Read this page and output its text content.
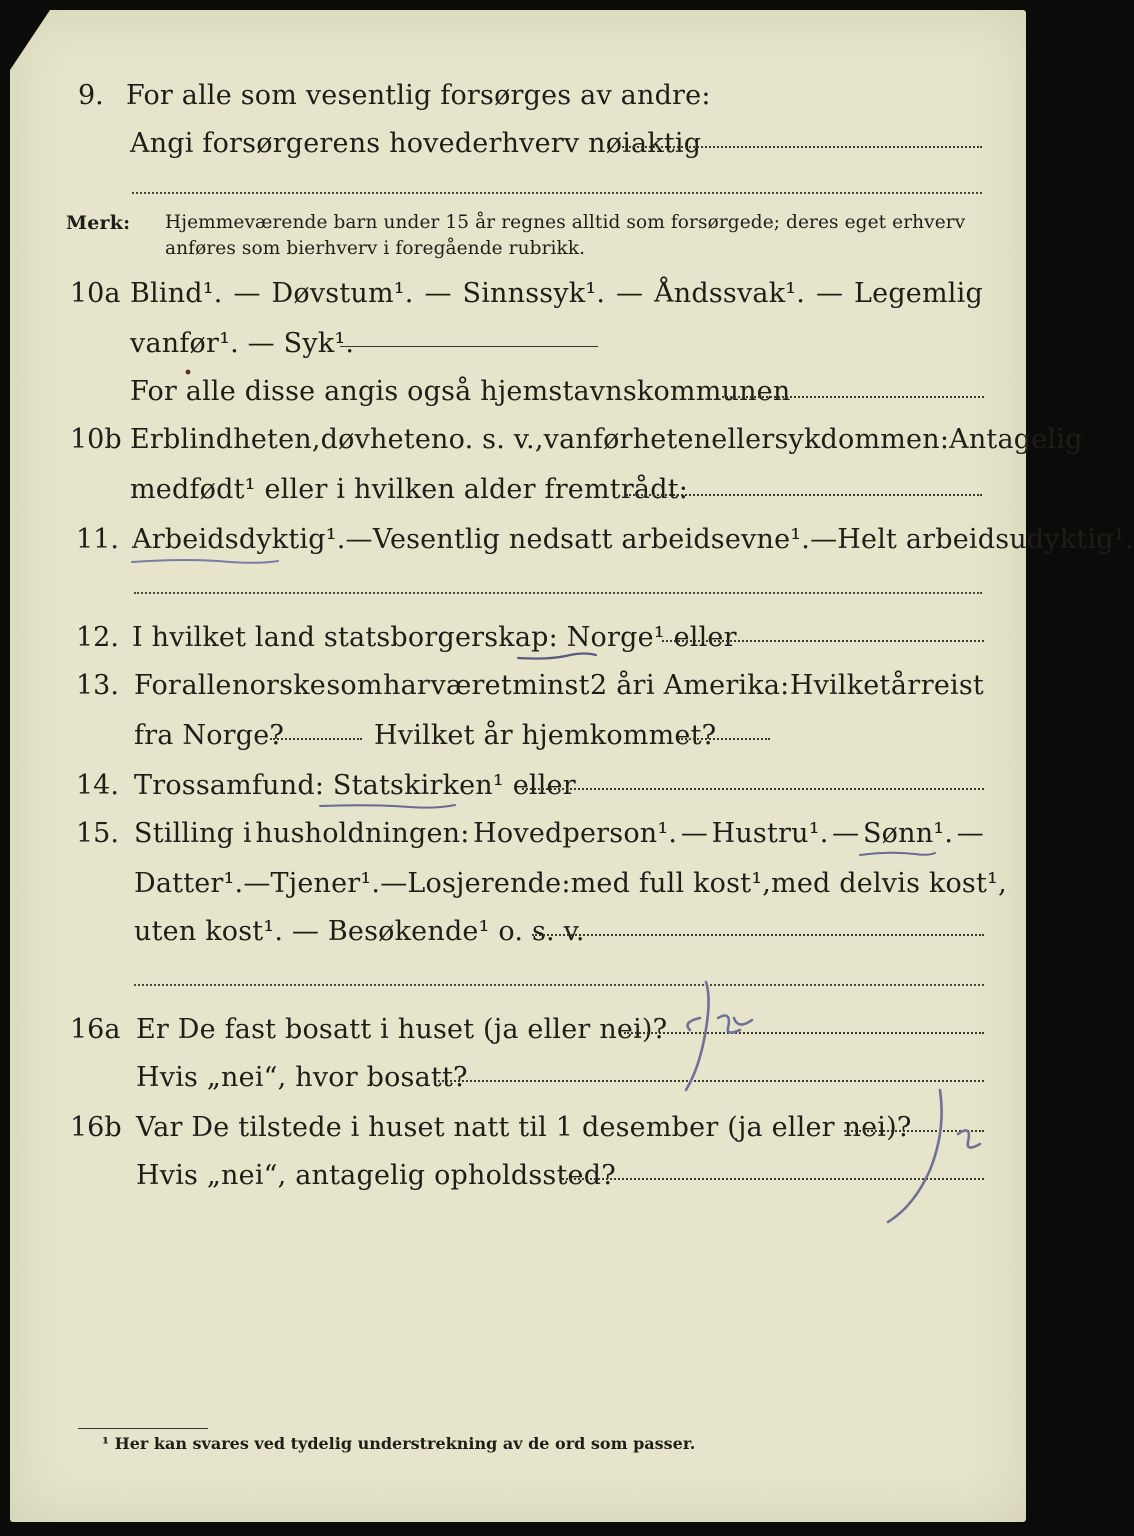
9. For alle som vesentlig forsørges av andre:
Angi forsørgerens hovederhverv nøiaktig
Merk: Hjemmeværende barn under 15 år regnes alltid som forsørgede; deres eget erhverv
anføres som bierhverv i foregående rubrikk.
10a Blind¹. — Døvstum¹. — Sinnssyk¹. — Åndssvak¹. — Legemlig
vanfør¹. — Syk¹.
For alle disse angis også hjemstavnskommunen
10b Er blindheten, døvheten o. s. v., vanførheten eller sykdommen: Antagelig
medfødt¹ eller i hvilken alder fremtrådt:
11. Arbeidsdyktig¹. — Vesentlig nedsatt arbeidsevne¹. — Helt arbeidsudyktig¹.
12. I hvilket land statsborgerskap: Norge¹ eller
13. For alle norske som har været minst 2 år i Amerika: Hvilket år reist
fra Norge?	Hvilket år hjemkommet?
14. Trossamfund: Statskirken¹ eller
15. Stilling i husholdningen: Hovedperson¹. — Hustru¹. — Sønn¹. —
Datter¹. — Tjener¹. — Losjerende: med full kost¹, med delvis kost¹,
uten kost¹. — Besøkende¹ o. s. v.
16a Er De fast bosatt i huset (ja eller nei)?
Hvis „nei“, hvor bosatt?
16b Var De tilstede i huset natt til 1 desember (ja eller nei)?
Hvis „nei“, antagelig opholdssted?
¹ Her kan svares ved tydelig understrekning av de ord som passer.
